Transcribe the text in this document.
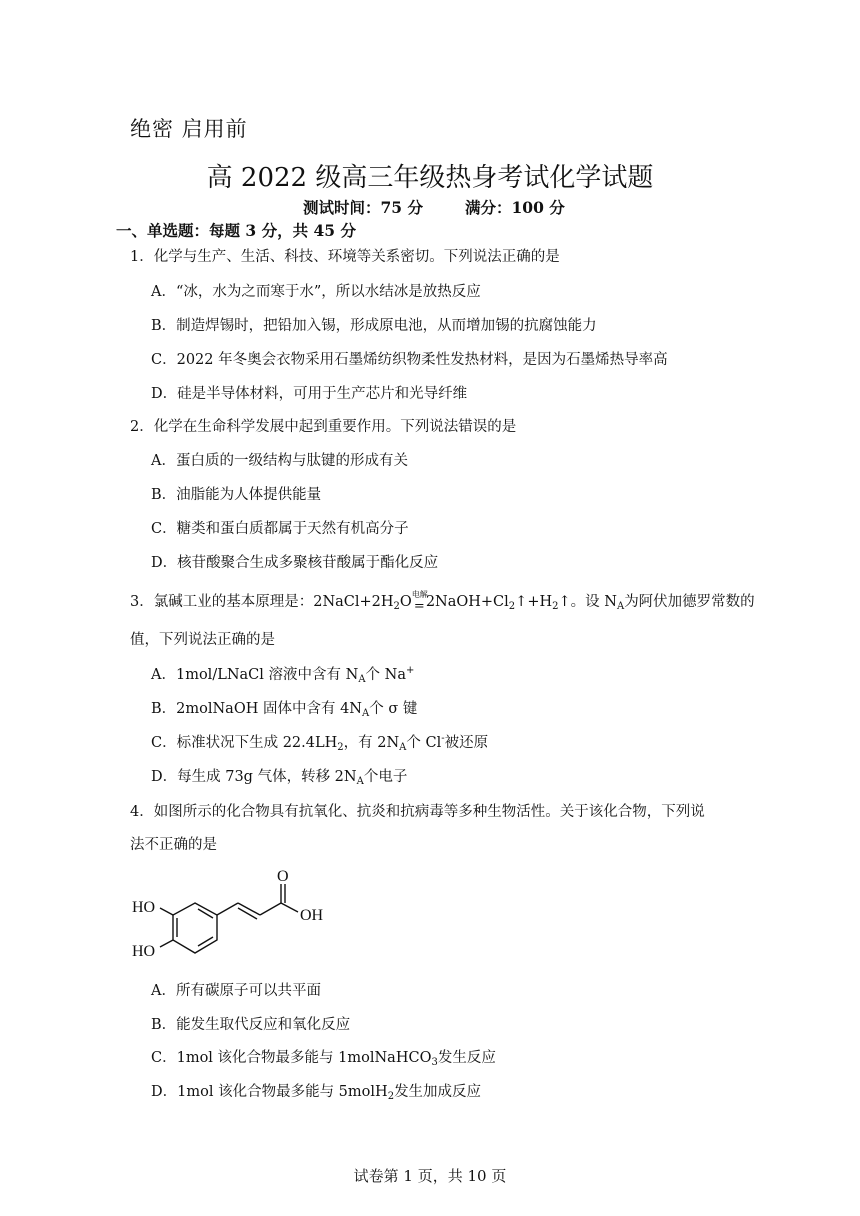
绝密 启用前
高 2022 级高三年级热身考试化学试题
测试时间：75 分	满分：100 分
一、单选题：每题 3 分，共 45 分
1．化学与生产、生活、科技、环境等关系密切。下列说法正确的是
A．“冰，水为之而寒于水”，所以水结冰是放热反应
B．制造焊锡时，把铅加入锡，形成原电池，从而增加锡的抗腐蚀能力
C．2022 年冬奥会衣物采用石墨烯纺织物柔性发热材料，是因为石墨烯热导率高
D．硅是半导体材料，可用于生产芯片和光导纤维
2．化学在生命科学发展中起到重要作用。下列说法错误的是
A．蛋白质的一级结构与肽键的形成有关
B．油脂能为人体提供能量
C．糖类和蛋白质都属于天然有机高分子
D．核苷酸聚合生成多聚核苷酸属于酯化反应
3．氯碱工业的基本原理是：$2NaCl+2H_2O$ 电解
= $2NaOH+Cl_2↑+H_2↑$。设 $N_A$为阿伏加德罗常数的
值，下列说法正确的是
A．1mol/LNaCl 溶液中含有 $N_A$个 Na+
B．2molNaOH 固体中含有 $4N_A$个 σ 键
C．标准状况下生成 $22.4LH_2$，有 $2N_A$个 Cl-被还原
D．每生成 73g 气体，转移 $2N_A$个电子
4．如图所示的化合物具有抗氧化、抗炎和抗病毒等多种生物活性。关于该化合物，下列说
法不正确的是
HO
HO
O
OH
A．所有碳原子可以共平面
B．能发生取代反应和氧化反应
C．1mol 该化合物最多能与 1molNaHCO$_3$发生反应
D．1mol 该化合物最多能与 5molH$_2$发生加成反应
试卷第 1 页，共 10 页
